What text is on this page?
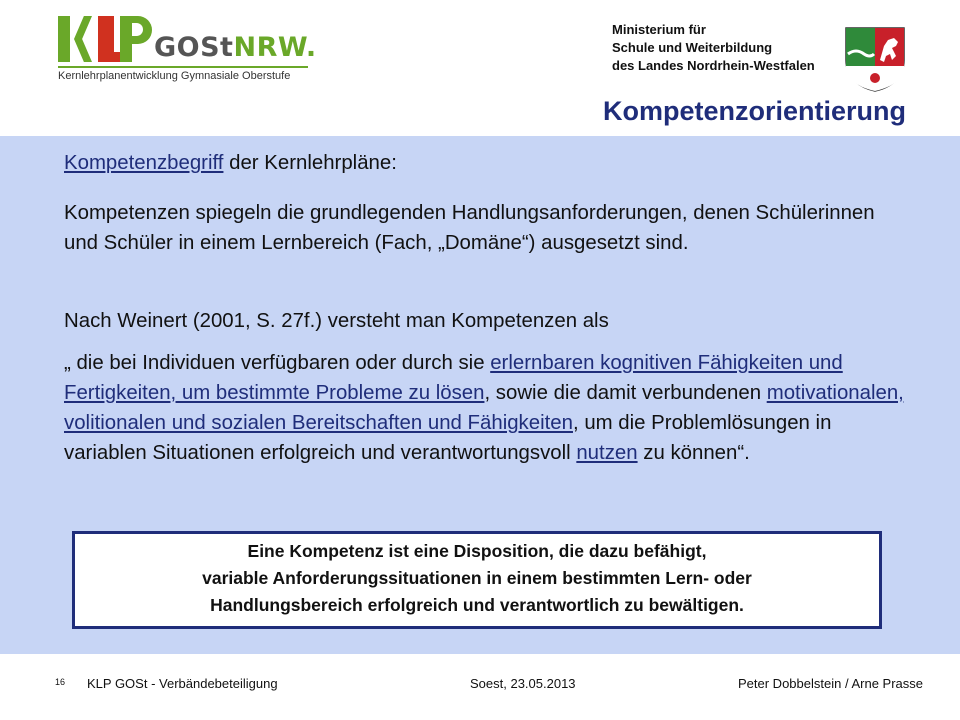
GOStNRW.
Kernlehrplanentwicklung Gymnasiale Oberstufe
Ministerium für
Schule und Weiterbildung
des Landes Nordrhein-Westfalen
Kompetenzorientierung
Kompetenzbegriff der Kernlehrpläne:
Kompetenzen spiegeln die grundlegenden Handlungsanforderungen, denen Schülerinnen und Schüler in einem Lernbereich (Fach, „Domäne“) ausgesetzt sind.
Nach Weinert (2001, S. 27f.) versteht man Kompetenzen als
„ die bei Individuen verfügbaren oder durch sie erlernbaren kognitiven Fähigkeiten und Fertigkeiten, um bestimmte Probleme zu lösen, sowie die damit verbundenen motivationalen, volitionalen und sozialen Bereitschaften und Fähigkeiten, um die Problemlösungen in variablen Situationen erfolgreich und verantwortungsvoll nutzen zu können“.
Eine Kompetenz ist eine Disposition, die dazu befähigt,
variable Anforderungssituationen in einem bestimmten Lern- oder
Handlungsbereich erfolgreich und verantwortlich zu bewältigen.
16 KLP GOSt - Verbändebeteiligung	Soest, 23.05.2013	Peter Dobbelstein / Arne Prasse
